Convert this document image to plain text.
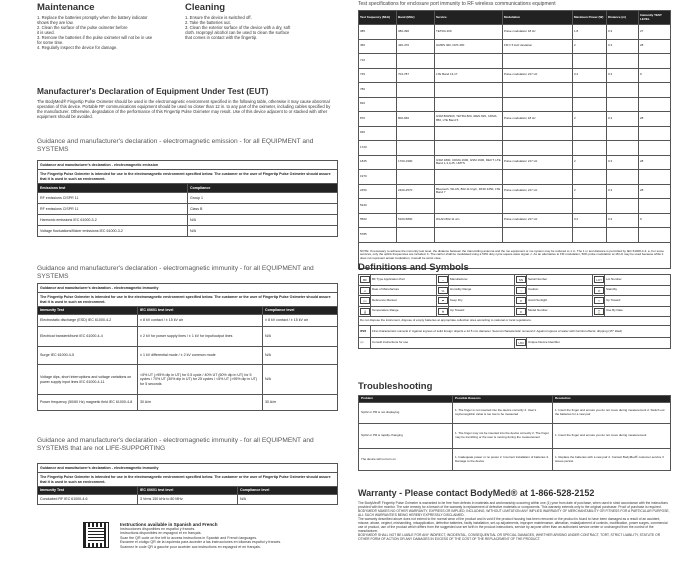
Maintenance
1. Replace the batteries promptly when the battery indicator
shows they are low.
2. Clean the surface of the pulse oximeter before
it is used.
3. Remove the batteries if the pulse oximeter will not be in use
for some time.
4. Regularly inspect the device for damage.
Cleaning
1. Ensure the device is switched off.
2. Take the batteries out.
3. Clean the exterior surface of the device with a dry, soft
cloth. Isopropyl alcohol can be used to clean the surface
that comes in contact with the fingertip.
Manufacturer's Declaration of Equipment Under Test (EUT)
The BodyMed® Fingertip Pulse Oximeter should be used in the electromagnetic environment specified in the following table, otherwise it may cause abnormal operation of this device. Portable RF communications equipment should be used no closer than 12 in. to any part of the oximeter, including cables specified by the manufacturer. Otherwise, degradation of the performance of this Fingertip Pulse Oximeter may result. Use of this device adjacent to or stacked with other equipment should be avoided.
Guidance and manufacturer's declaration - electromagnetic emission - for all EQUIPMENT and SYSTEMS
Guidance and manufacturer's declaration - electromagnetic emission	
The Fingertip Pulse Oximeter is intended for use in the electromagnetic environment specified below. The customer or the user of Fingertip Pulse Oximeter should assure that it is used in such an environment.	
Emissions test	Compliance
RF emissions CISPR 11	Group 1
RF emissions CISPR 11	Class B
Harmonic emissions IEC 61000-3-2	N/A
Voltage fluctuations/flicker emissions IEC 61000-3-2	N/A
Guidance and manufacturer's declaration - electromagnetic immunity - for all EQUIPMENT and SYSTEMS
Guidance and manufacturer's declaration - electromagnetic immunity		
The Fingertip Pulse Oximeter is intended for use in the electromagnetic environment specified below. The customer or the user of Fingertip Pulse Oximeter should assure that it is used in such an environment.		
Immunity Test	IEC 60601 test level	Compliance level
Electrostatic discharge (ESD) IEC 61000-4-2	± 8 kV contact / ± 15 kV air	± 8 kV contact / ± 15 kV air
Electrical transient/burst IEC 61000-4-4	± 2 kV for power supply lines / ± 1 kV for input/output lines	N/A
Surge IEC 61000-4-5	± 1 kV differential mode / ± 2 kV common mode	N/A
Voltage dips, short interruptions and voltage variations on power supply input lines IEC 61000-4-11	<5% UT (>95% dip in UT) for 0.5 cycle / 40% UT (60% dip in UT) for 5 cycles / 70% UT (30% dip in UT) for 25 cycles / <5% UT (>95% dip in UT) for 5 seconds	N/A
Power frequency (50/60 Hz) magnetic field IEC 61000-4-8	30 A/m	30 A/m
Guidance and manufacturer's declaration - electromagnetic immunity - for all EQUIPMENT and SYSTEMS that are not LIFE-SUPPORTING
Guidance and manufacturer's declaration - electromagnetic immunity		
The Fingertip Pulse Oximeter is intended for use in the electromagnetic environment specified below. The customer or the user of Fingertip Pulse Oximeter should assure that it is used in such an environment.		
Immunity Test	IEC 60601 test level	Compliance level
Conducted RF IEC 61000-4-6	3 Vrms 150 kHz to 80 MHz	N/A
Instructions available in Spanish and French
Instrucciones disponibles en español y francés.
Instructions disponibles en espagnol et en français.
Scan the QR code on the left to access instructions in Spanish and French languages.
Escanee el código QR de la izquierda para acceder a las instrucciones en idiomas español y francés.
Scannez le code QR à gauche pour accéder aux instructions en espagnol et en français.
Test specifications for enclosure port immunity to RF wireless communications equipment
Test frequency (MHz)	Band (MHz)	Service	Modulation	Maximum Power (W)	Distance (m)	Immunity TEST LEVEL
385	380-390	TETRA 400	Pulse modulation 18 Hz	1.8	0.3	27
450	430-470	GMRS 460, FRS 460	FM ± 5 kHz deviation	2	0.3	28
710						
745	704-787	LTE Band 13,17	Pulse modulation 217 Hz	0.2	0.3	9
780						
810						
870	800-960	GSM 800/900, TETRA 800, iDEN 820, CDMA 850, LTE Band 5	Pulse modulation 18 Hz	2	0.3	28
930						
1720						
1845	1700-1990	GSM 1800, CDMA 1900, GSM 1900, DECT, LTE Band 1,3,4,25, UMTS	Pulse modulation 217 Hz	2	0.3	28
1970						
2450	2400-2570	Bluetooth, WLAN, 802.11 b/g/n, RFID 2450, LTE Band 7	Pulse modulation 217 Hz	2	0.3	28
5240						
5500	5100-5800	WLAN 802.11 a/n	Pulse modulation 217 Hz	0.2	0.3	9
5785						
NOTE: If necessary to achieve the immunity test level, the distance between the transmitting antenna and the me equipment or me system may be reduced to 1 m. The 1 m test distance is permitted by IEC 61000-4-3. a. For some services, only the uplink frequencies are included. b. The carrier shall be modulated using a 50% duty cycle square wave signal. c. As an alternative to FM modulation, 50% pulse modulation at 18 Hz may be used because while it does not represent actual modulation, it would be worst case.						
Definitions and Symbols
BF	BF Type Application Part	~	Manufacturer	SN	Serial Number	LOT	Lot Number
⚠	Date of Manufacture	%	Humidity Range	!	Caution	⏻	Standby
📖	Reference Manual	☂	Keep Dry	☀	Avoid Sunlight	↑↑	Up Toward
🌡	Temperature Range	⇈	Up Toward	#	Model Number	⌛	Use By Date
Do not dispose the instrument, dispose of empty batteries at appropriate collection sites according to national or local regulations.							
IP22	First characteristic numeral 2: Against ingress of solid foreign objects ≥ 12.5 mm diameter. Second characteristic numeral 2: Against ingress of water with harmful effects; dripping (15° tilted)						
📖	Consult instructions for use			UDI	Unique Device Identifier		
Troubleshooting
Problem	Possible Reasons	Resolution
SpO2 or PR is not displaying	1. The finger is not inserted into the device correctly 2. User's oxyhemoglobin value is too low to be measured	1. Insert the finger and ensure you do not move during measurement 2. Switch out the batteries for a new pair
SpO2 or PR is rapidly changing	1. The finger may not be inserted into the device correctly 2. The finger may be trembling or the user is moving during the measurement	1. Insert the finger and ensure you do not move during measurement
The device will not turn on	1. Inadequate power or no power 2. Incorrect installation of batteries 3. Damage to the device	1. Replace the batteries with a new pair 2. Contact BodyMed® customer service if issues persist
Warranty - Please contact BodyMed® at 1-866-528-2152
The BodyMed® Fingertip Pulse Oximeter is warranted to be free from defects in materials and workmanship occurring within one (1) year from date of purchase, when used in strict accordance with the instructions provided with the monitor. The sole remedy for a breach of the warranty is replacement of defective materials or components. This warranty extends only to the original purchaser. Proof of purchase is required.
BODYMED® MAKES NO OTHER WARRANTY, EXPRESS OR IMPLIED, INCLUDING, WITHOUT LIMITATION ANY IMPLIED WARRANTY OF MERCHANTABILITY OR FITNESS FOR A PARTICULAR PURPOSE, ALL SUCH WARRANTIES BEING HEREBY EXPRESSLY DISCLAIMED.
The warranty described above does not extend to the normal wear of the product and is void if the product housing has been removed or the product is found to have been damaged as a result of an accident, misuse, abuse, neglect, mishandling, misapplication, defective batteries, faulty installation, set-up adjustments, improper maintenance, alteration, maladjustment of controls, modification, power surges, commercial use of product, use of the product which differs from the suggested use set forth in the product instructions, service by anyone other than an authorized service center or unchanged from the control of the manufacturer.
BODYMED® SHALL NOT BE LIABLE FOR ANY INDIRECT, INCIDENTAL, CONSEQUENTIAL OR SPECIAL DAMAGES, WHETHER ARISING UNDER CONTRACT, TORT, STRICT LIABILITY, STATUTE OR OTHER FORM OF ACTION OR ANY DAMAGES IN EXCESS OF THE COST OF THE REPLACEMENT OF THE PRODUCT.
